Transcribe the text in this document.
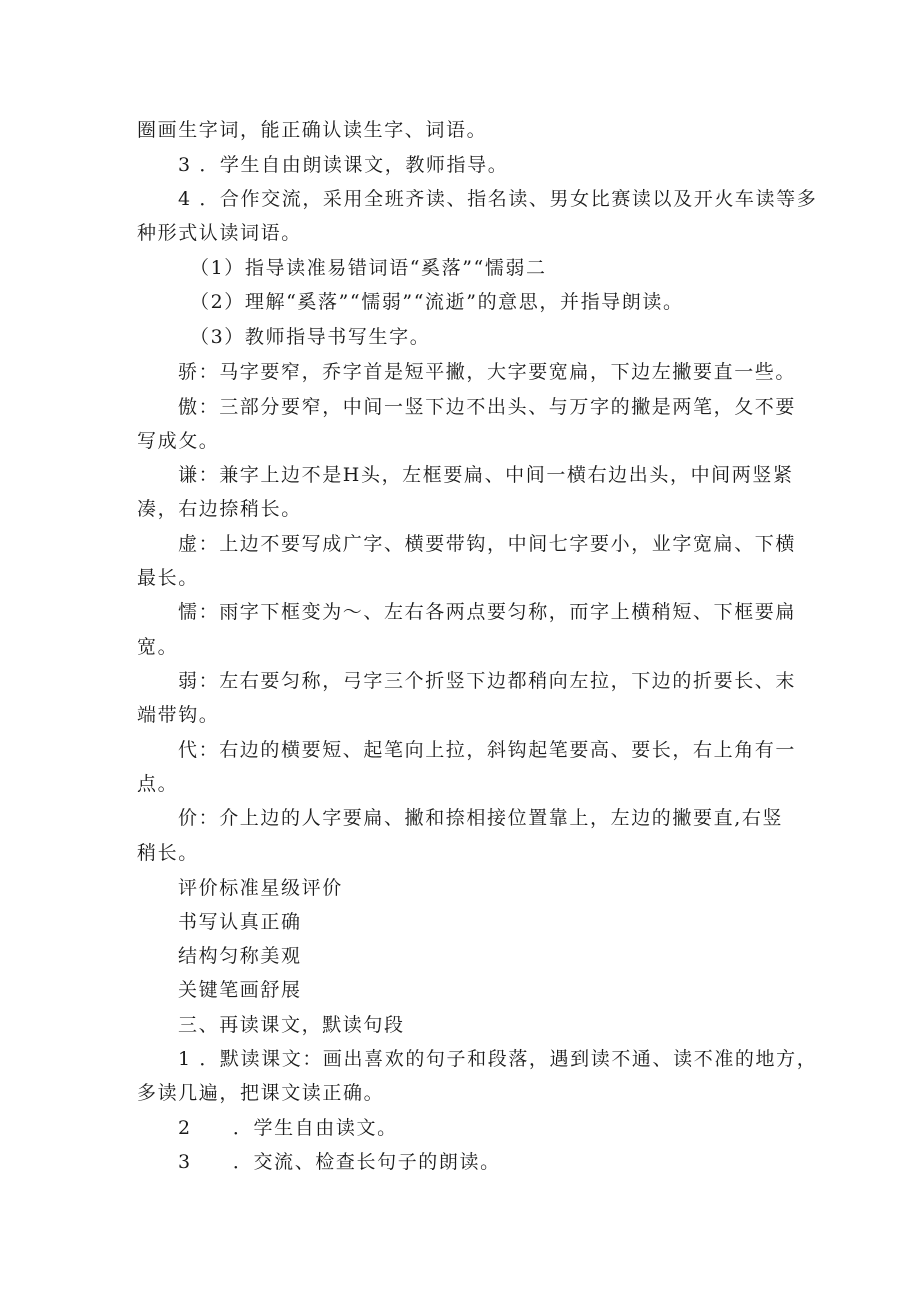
圈画生字词，能正确认读生字、词语。
3 ．学生自由朗读课文，教师指导。
4 ．合作交流，采用全班齐读、指名读、男女比赛读以及开火车读等多
种形式认读词语。
（1）指导读准易错词语“奚落”“懦弱二
（2）理解“奚落”“懦弱”“流逝”的意思，并指导朗读。
（3）教师指导书写生字。
骄：马字要窄，乔字首是短平撇，大字要宽扁，下边左撇要直一些。
傲：三部分要窄，中间一竖下边不出头、与万字的撇是两笔，夂不要
写成攵。
谦：兼字上边不是H头，左框要扁、中间一横右边出头，中间两竖紧
凑，右边捺稍长。
虚：上边不要写成广字、横要带钩，中间七字要小，业字宽扁、下横
最长。
懦：雨字下框变为～、左右各两点要匀称，而字上横稍短、下框要扁
宽。
弱：左右要匀称，弓字三个折竖下边都稍向左拉，下边的折要长、末
端带钩。
代：右边的横要短、起笔向上拉，斜钩起笔要高、要长，右上角有一
点。
价：介上边的人字要扁、撇和捺相接位置靠上，左边的撇要直,右竖
稍长。
评价标准星级评价
书写认真正确
结构匀称美观
关键笔画舒展
三、再读课文，默读句段
1 ．默读课文：画出喜欢的句子和段落，遇到读不通、读不准的地方，
多读几遍，把课文读正确。
2　　．学生自由读文。
3　　．交流、检查长句子的朗读。
